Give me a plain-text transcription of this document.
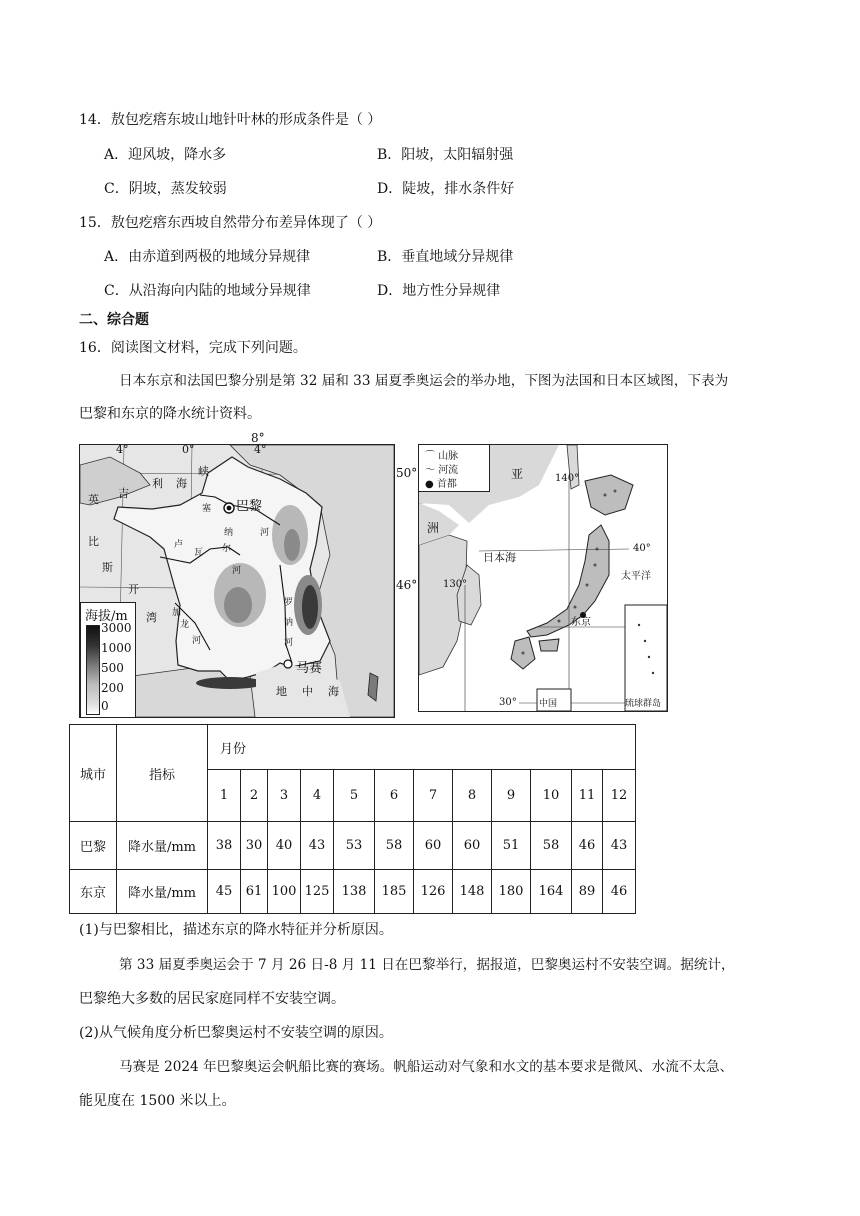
14．敖包疙瘩东坡山地针叶林的形成条件是（ ）
A．迎风坡，降水多	B．阳坡，太阳辐射强
C．阴坡，蒸发较弱	D．陡坡，排水条件好
15．敖包疙瘩东西坡自然带分布差异体现了（ ）
A．由赤道到两极的地域分异规律	B．垂直地域分异规律
C．从沿海向内陆的地域分异规律	D．地方性分异规律
二、综合题
16．阅读图文材料，完成下列问题。
日本东京和法国巴黎分别是第 32 届和 33 届夏季奥运会的举办地，下图为法国和日本区域图，下表为
巴黎和东京的降水统计资料。
4°	0°	4°
利 海
峡
英 吉
比
斯
开
湾
巴黎
塞
纳	河
卢
瓦 尔
河
加
龙
河
罗
讷
河
马赛
地 中 海
海拔/m
3000
1000
500
200
0
50°
46°
8°
⌒ 山脉
〜 河流
● 首都
亚
洲
日本海
太平洋
东京
中国	琉球群岛
140°
130°
40°
30°
城市	指标	月份											
		1	2	3	4	5	6	7	8	9	10	11	12
巴黎	降水量/mm	38	30	40	43	53	58	60	60	51	58	46	43
东京	降水量/mm	45	61	100	125	138	185	126	148	180	164	89	46
(1)与巴黎相比，描述东京的降水特征并分析原因。
第 33 届夏季奥运会于 7 月 26 日-8 月 11 日在巴黎举行，据报道，巴黎奥运村不安装空调。据统计，
巴黎绝大多数的居民家庭同样不安装空调。
(2)从气候角度分析巴黎奥运村不安装空调的原因。
马赛是 2024 年巴黎奥运会帆船比赛的赛场。帆船运动对气象和水文的基本要求是微风、水流不太急、
能见度在 1500 米以上。
